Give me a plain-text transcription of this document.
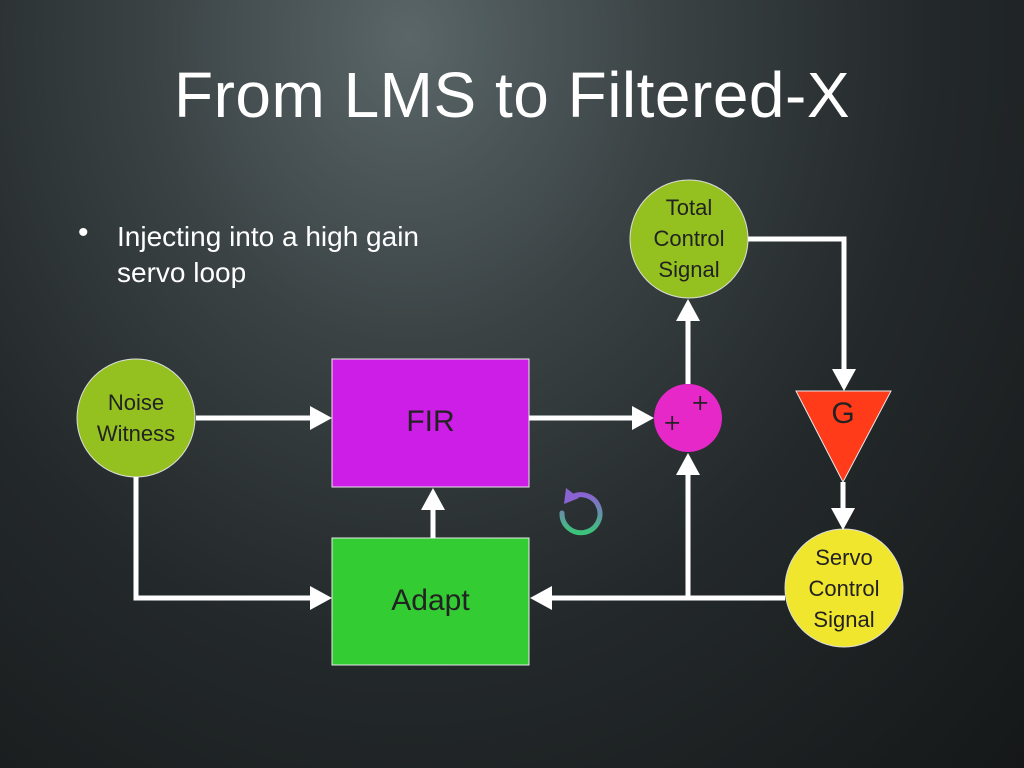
From LMS to Filtered-X
• Injecting into a high gain servo loop
+
+
Noise
Witness
Total
Control
Signal
Servo
Control
Signal
FIR
Adapt
G
